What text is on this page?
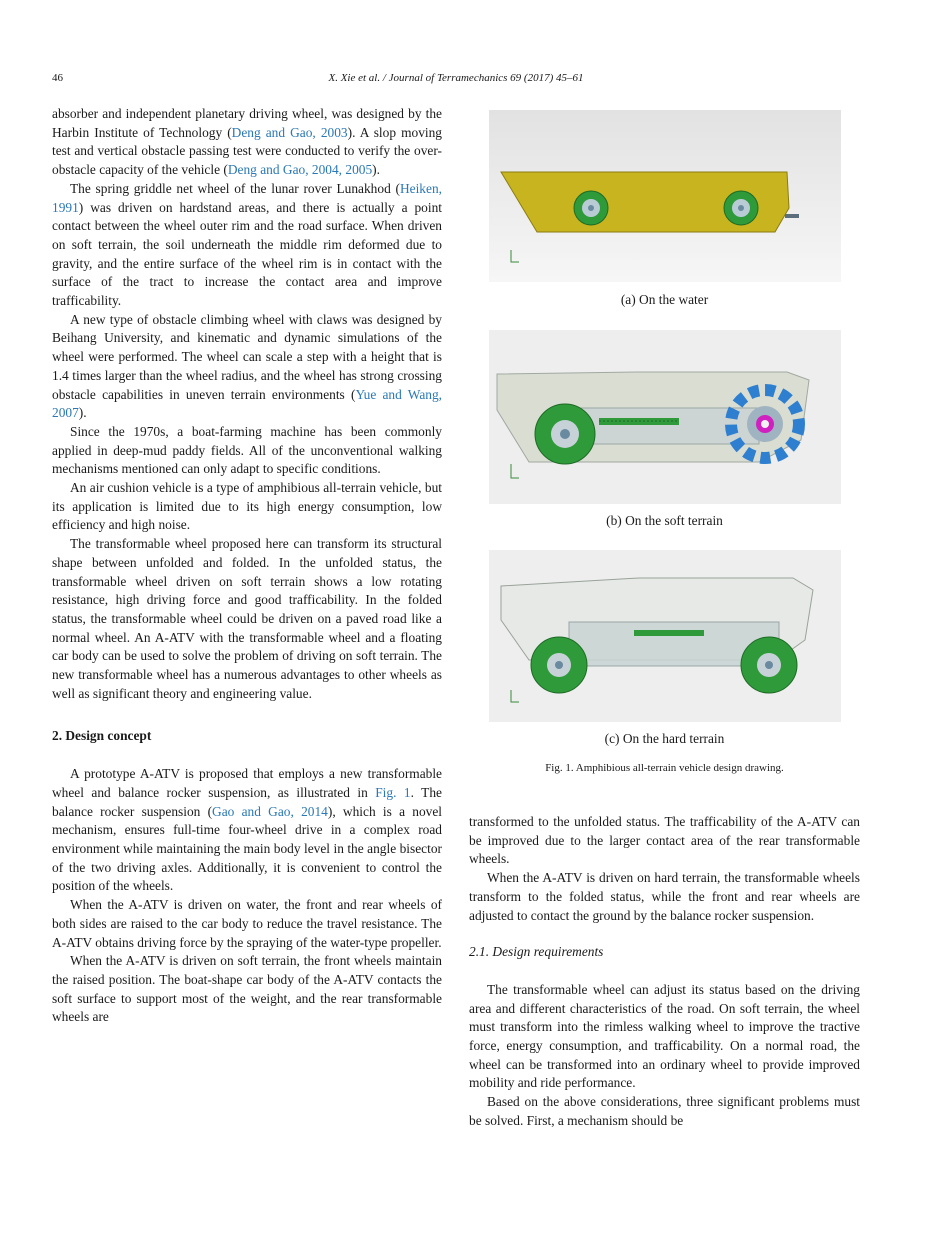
46	X. Xie et al. / Journal of Terramechanics 69 (2017) 45–61

absorber and independent planetary driving wheel, was designed by the Harbin Institute of Technology (Deng and Gao, 2003). A slop moving test and vertical obstacle passing test were conducted to verify the over-obstacle capacity of the vehicle (Deng and Gao, 2004, 2005).

The spring griddle net wheel of the lunar rover Lunakhod (Heiken, 1991) was driven on hardstand areas, and there is actually a point contact between the wheel outer rim and the road surface. When driven on soft terrain, the soil underneath the middle rim deformed due to gravity, and the entire surface of the wheel rim is in contact with the surface of the tract to increase the contact area and improve trafficability.

A new type of obstacle climbing wheel with claws was designed by Beihang University, and kinematic and dynamic simulations of the wheel were performed. The wheel can scale a step with a height that is 1.4 times larger than the wheel radius, and the wheel has strong crossing obstacle capabilities in uneven terrain environments (Yue and Wang, 2007).

Since the 1970s, a boat-farming machine has been commonly applied in deep-mud paddy fields. All of the unconventional walking mechanisms mentioned can only adapt to specific conditions.

An air cushion vehicle is a type of amphibious all-terrain vehicle, but its application is limited due to its high energy consumption, low efficiency and high noise.

The transformable wheel proposed here can transform its structural shape between unfolded and folded. In the unfolded status, the transformable wheel driven on soft terrain shows a low rotating resistance, high driving force and good trafficability. In the folded status, the transformable wheel could be driven on a paved road like a normal wheel. An A-ATV with the transformable wheel and a floating car body can be used to solve the problem of driving on soft terrain. The new transformable wheel has a numerous advantages to other wheels as well as significant theory and engineering value.

2. Design concept

A prototype A-ATV is proposed that employs a new transformable wheel and balance rocker suspension, as illustrated in Fig. 1. The balance rocker suspension (Gao and Gao, 2014), which is a novel mechanism, ensures full-time four-wheel drive in a complex road environment while maintaining the main body level in the angle bisector of the two driving axles. Additionally, it is convenient to control the position of the wheels.

When the A-ATV is driven on water, the front and rear wheels of both sides are raised to the car body to reduce the travel resistance. The A-ATV obtains driving force by the spraying of the water-type propeller.

When the A-ATV is driven on soft terrain, the front wheels maintain the raised position. The boat-shape car body of the A-ATV contacts the soft surface to support most of the weight, and the rear transformable wheels are

(a) On the water
(b) On the soft terrain
(c) On the hard terrain
Fig. 1. Amphibious all-terrain vehicle design drawing.

transformed to the unfolded status. The trafficability of the A-ATV can be improved due to the larger contact area of the rear transformable wheels.

When the A-ATV is driven on hard terrain, the transformable wheels transform to the folded status, while the front and rear wheels are adjusted to contact the ground by the balance rocker suspension.

2.1. Design requirements

The transformable wheel can adjust its status based on the driving area and different characteristics of the road. On soft terrain, the wheel must transform into the rimless walking wheel to improve the tractive force, energy consumption, and trafficability. On a normal road, the wheel can be transformed into an ordinary wheel to provide improved mobility and ride performance.

Based on the above considerations, three significant problems must be solved. First, a mechanism should be
